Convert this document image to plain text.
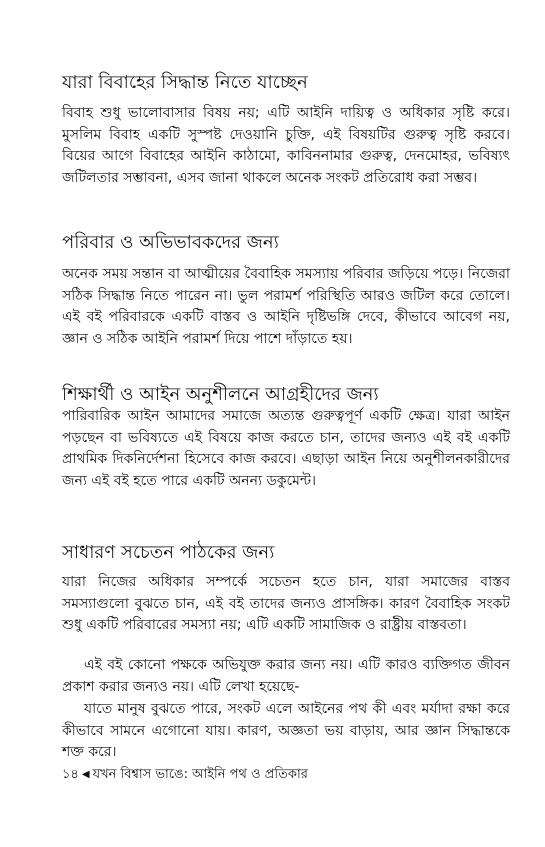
যারা বিবাহের সিদ্ধান্ত নিতে যাচ্ছেন

বিবাহ শুধু ভালোবাসার বিষয় নয়; এটি আইনি দায়িত্ব ও অধিকার সৃষ্টি করে। মুসলিম বিবাহ একটি সুস্পষ্ট দেওয়ানি চুক্তি, এই বিষয়টির গুরুত্ব সৃষ্টি করবে। বিয়ের আগে বিবাহের আইনি কাঠামো, কাবিননামার গুরুত্ব, দেনমোহর, ভবিষ্যৎ জটিলতার সম্ভাবনা, এসব জানা থাকলে অনেক সংকট প্রতিরোধ করা সম্ভব।

পরিবার ও অভিভাবকদের জন্য

অনেক সময় সন্তান বা আত্মীয়ের বৈবাহিক সমস্যায় পরিবার জড়িয়ে পড়ে। নিজেরা সঠিক সিদ্ধান্ত নিতে পারেন না। ভুল পরামর্শ পরিস্থিতি আরও জটিল করে তোলে। এই বই পরিবারকে একটি বাস্তব ও আইনি দৃষ্টিভঙ্গি দেবে, কীভাবে আবেগ নয়, জ্ঞান ও সঠিক আইনি পরামর্শ দিয়ে পাশে দাঁড়াতে হয়।

শিক্ষার্থী ও আইন অনুশীলনে আগ্রহীদের জন্য

পারিবারিক আইন আমাদের সমাজে অত্যন্ত গুরুত্বপূর্ণ একটি ক্ষেত্র। যারা আইন পড়ছেন বা ভবিষ্যতে এই বিষয়ে কাজ করতে চান, তাদের জন্যও এই বই একটি প্রাথমিক দিকনির্দেশনা হিসেবে কাজ করবে। এছাড়া আইন নিয়ে অনুশীলনকারীদের জন্য এই বই হতে পারে একটি অনন্য ডকুমেন্ট।

সাধারণ সচেতন পাঠকের জন্য

যারা নিজের অধিকার সম্পর্কে সচেতন হতে চান, যারা সমাজের বাস্তব সমস্যাগুলো বুঝতে চান, এই বই তাদের জন্যও প্রাসঙ্গিক। কারণ বৈবাহিক সংকট শুধু একটি পরিবারের সমস্যা নয়; এটি একটি সামাজিক ও রাষ্ট্রীয় বাস্তবতা।

এই বই কোনো পক্ষকে অভিযুক্ত করার জন্য নয়। এটি কারও ব্যক্তিগত জীবন প্রকাশ করার জন্যও নয়। এটি লেখা হয়েছে-

যাতে মানুষ বুঝতে পারে, সংকট এলে আইনের পথ কী এবং মর্যাদা রক্ষা করে কীভাবে সামনে এগোনো যায়। কারণ, অজ্ঞতা ভয় বাড়ায়, আর জ্ঞান সিদ্ধান্তকে শক্ত করে।

১৪ ◀ যখন বিশ্বাস ভাঙে: আইনি পথ ও প্রতিকার
